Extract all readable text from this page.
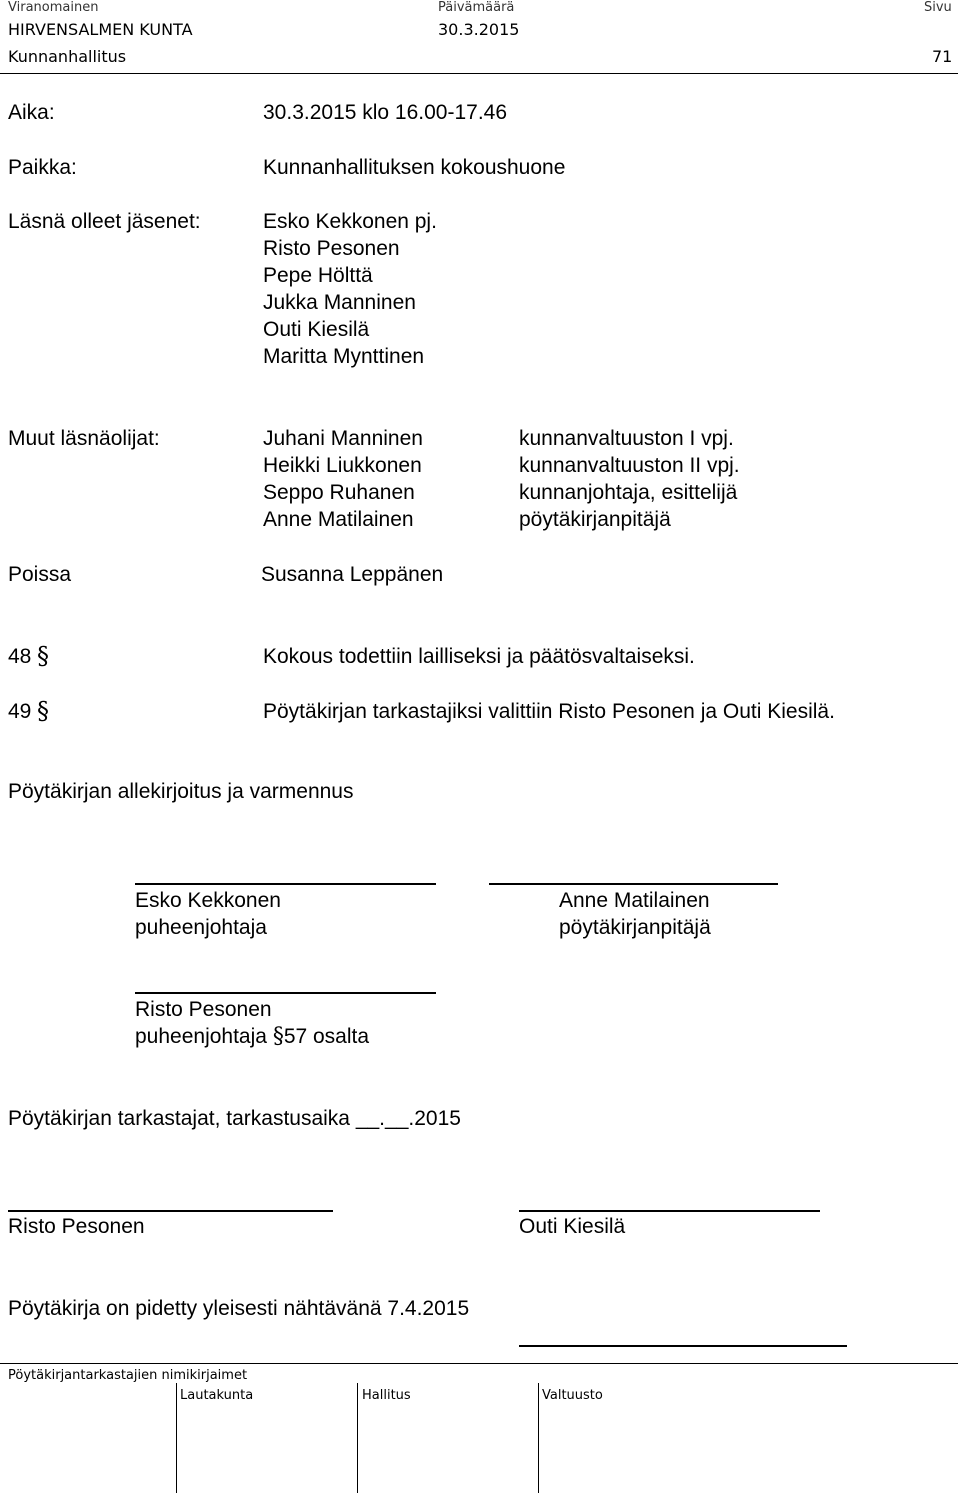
Viranomainen	Päivämäärä	Sivu
HIRVENSALMEN KUNTA	30.3.2015
Kunnanhallitus	71
Aika:	30.3.2015 klo 16.00-17.46
Paikka:	Kunnanhallituksen kokoushuone
Läsnä olleet jäsenet:	Esko Kekkonen pj.
Risto Pesonen
Pepe Hölttä
Jukka Manninen
Outi Kiesilä
Maritta Mynttinen
Muut läsnäolijat:	Juhani Manninen	kunnanvaltuuston I vpj.
Heikki Liukkonen	kunnanvaltuuston II vpj.
Seppo Ruhanen	kunnanjohtaja, esittelijä
Anne Matilainen	pöytäkirjanpitäjä
Poissa	Susanna Leppänen
48 §	Kokous todettiin lailliseksi ja päätösvaltaiseksi.
49 §	Pöytäkirjan tarkastajiksi valittiin Risto Pesonen ja Outi Kiesilä.
Pöytäkirjan allekirjoitus ja varmennus
Esko Kekkonen
puheenjohtaja
Anne Matilainen
pöytäkirjanpitäjä
Risto Pesonen
puheenjohtaja §57 osalta
Pöytäkirjan tarkastajat, tarkastusaika __.__.2015
Risto Pesonen	Outi Kiesilä
Pöytäkirja on pidetty yleisesti nähtävänä 7.4.2015
Pöytäkirjantarkastajien nimikirjaimet
Lautakunta	Hallitus	Valtuusto
